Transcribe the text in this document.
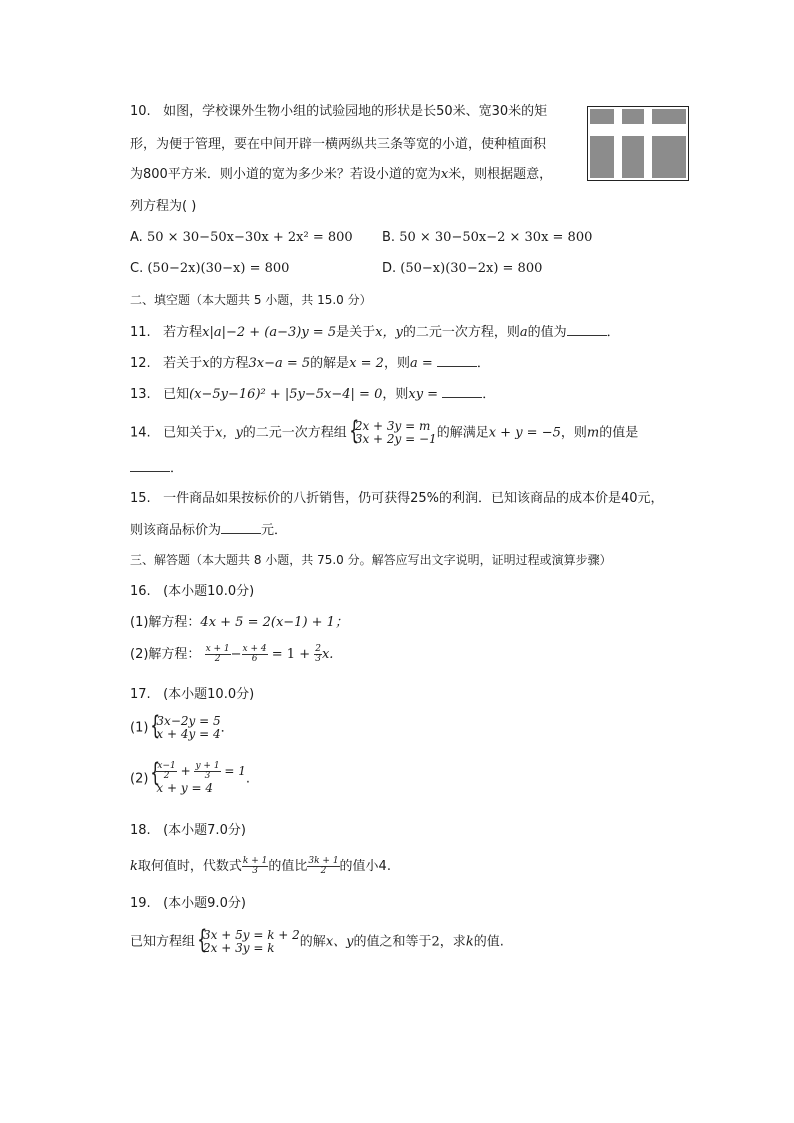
10. 如图，学校课外生物小组的试验园地的形状是长50米、宽30米的矩
形，为便于管理，要在中间开辟一横两纵共三条等宽的小道，使种植面积
为800平方米．则小道的宽为多少米？若设小道的宽为x米，则根据题意，
列方程为( )
A. 50 × 30−50x−30x + 2x² = 800 B. 50 × 30−50x−2 × 30x = 800
C. (50−2x)(30−x) = 800	D. (50−x)(30−2x) = 800
二、填空题（本大题共 5 小题，共 15.0 分）
11. 若方程x|a|−2 + (a−3)y = 5是关于x，y的二元一次方程，则a的值为	．
12. 若关于x的方程3x−a = 5的解是x = 2，则a =	．
13. 已知(x−5y−16)² + |5y−5x−4| = 0，则xy =	．
14. 已知关于x，y的二元一次方程组 { 2x + 3y = m
3x + 2y = −1 的解满足x + y = −5，则m的值是
．
15. 一件商品如果按标价的八折销售，仍可获得25%的利润．已知该商品的成本价是40元，
则该商品标价为	元．
三、解答题（本大题共 8 小题，共 75.0 分。解答应写出文字说明，证明过程或演算步骤）
16. (本小题10.0分)
(1)解方程：4x + 5 = 2(x−1) + 1；
(2)解方程： $\frac{x + 1}{2} - \frac{x + 4}{6} = 1 + \frac{2}{3} x$.
17. (本小题10.0分)
(1) { 3x−2y = 5
x + 4y = 4 ．
(2) { $\frac{x-1}{2} + \frac{y + 1}{3} = 1$
x + y = 4
.
18. (本小题7.0分)
k取何值时，代数式 $\frac{k + 1}{3}$ 的值比 $\frac{3k + 1}{2}$ 的值小4.
19. (本小题9.0分)
已知方程组 { 3x + 5y = k + 2
2x + 3y = k	的解x、y的值之和等于2，求k的值.
